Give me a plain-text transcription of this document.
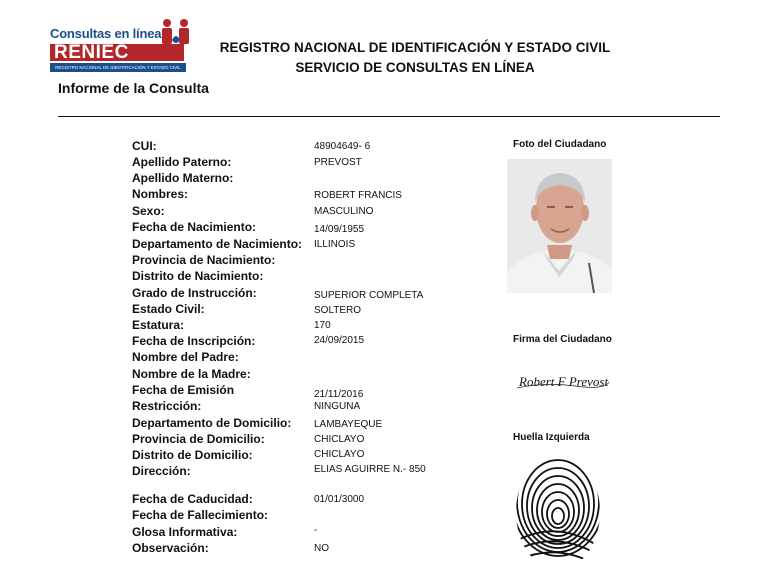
Consultas en línea
RENIEC
REGISTRO NACIONAL DE IDENTIFICACIÓN Y ESTADO CIVIL
REGISTRO NACIONAL DE IDENTIFICACIÓN Y ESTADO CIVIL
SERVICIO DE CONSULTAS EN LÍNEA
Informe de la Consulta
CUI:
Apellido Paterno:
Apellido Materno:
Nombres:
Sexo:
Fecha de Nacimiento:
Departamento de Nacimiento:
Provincia de Nacimiento:
Distrito de Nacimiento:
Grado de Instrucción:
Estado Civil:
Estatura:
Fecha de Inscripción:
Nombre del Padre:
Nombre de la Madre:
Fecha de Emisión
Restricción:
Departamento de Domicilio:
Provincia de Domicilio:
Distrito de Domicilio:
Dirección:
Fecha de Caducidad:
Fecha de Fallecimiento:
Glosa Informativa:
Observación:
48904649- 6
PREVOST
ROBERT FRANCIS
MASCULINO
14/09/1955
ILLINOIS
SUPERIOR COMPLETA
SOLTERO
170
24/09/2015
21/11/2016
NINGUNA
LAMBAYEQUE
CHICLAYO
CHICLAYO
ELIAS AGUIRRE N.- 850
01/01/3000
-
NO
Foto del Ciudadano
Firma del Ciudadano
Robert F Prevost
Huella Izquierda
